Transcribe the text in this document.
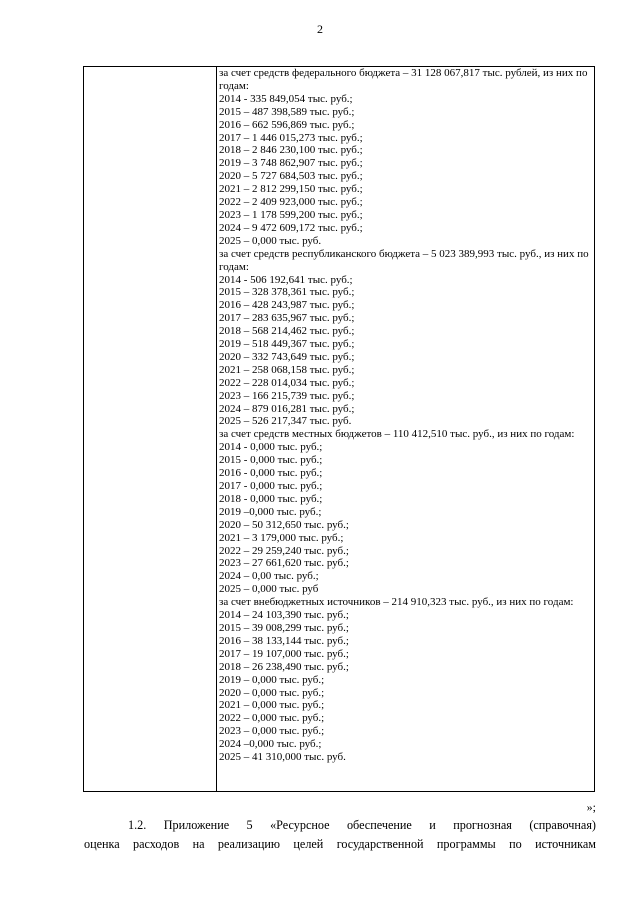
2
за счет средств федерального бюджета – 31 128 067,817 тыс. рублей, из них по годам:
2014 - 335 849,054 тыс. руб.;
2015 – 487 398,589 тыс. руб.;
2016 – 662 596,869 тыс. руб.;
2017 – 1 446 015,273 тыс. руб.;
2018 – 2 846 230,100 тыс. руб.;
2019 – 3 748 862,907 тыс. руб.;
2020 – 5 727 684,503 тыс. руб.;
2021 – 2 812 299,150 тыс. руб.;
2022 – 2 409 923,000 тыс. руб.;
2023 – 1 178 599,200 тыс. руб.;
2024 – 9 472 609,172 тыс. руб.;
2025 – 0,000 тыс. руб.
за счет средств республиканского бюджета – 5 023 389,993 тыс. руб., из них по годам:
2014 - 506 192,641 тыс. руб.;
2015 – 328 378,361 тыс. руб.;
2016 – 428 243,987 тыс. руб.;
2017 – 283 635,967 тыс. руб.;
2018 – 568 214,462 тыс. руб.;
2019 – 518 449,367 тыс. руб.;
2020 – 332 743,649 тыс. руб.;
2021 – 258 068,158 тыс. руб.;
2022 – 228 014,034 тыс. руб.;
2023 – 166 215,739 тыс. руб.;
2024 – 879 016,281 тыс. руб.;
2025 – 526 217,347 тыс. руб.
за счет средств местных бюджетов – 110 412,510 тыс. руб., из них по годам:
2014 - 0,000 тыс. руб.;
2015 - 0,000 тыс. руб.;
2016 - 0,000 тыс. руб.;
2017 - 0,000 тыс. руб.;
2018 - 0,000 тыс. руб.;
2019 –0,000 тыс. руб.;
2020 – 50 312,650 тыс. руб.;
2021 – 3 179,000 тыс. руб.;
2022 – 29 259,240 тыс. руб.;
2023 – 27 661,620 тыс. руб.;
2024 – 0,00 тыс. руб.;
2025 – 0,000 тыс. руб
за счет внебюджетных источников – 214 910,323 тыс. руб., из них по годам:
2014 – 24 103,390 тыс. руб.;
2015 – 39 008,299 тыс. руб.;
2016 – 38 133,144 тыс. руб.;
2017 – 19 107,000 тыс. руб.;
2018 – 26 238,490 тыс. руб.;
2019 – 0,000 тыс. руб.;
2020 – 0,000 тыс. руб.;
2021 – 0,000 тыс. руб.;
2022 – 0,000 тыс. руб.;
2023 – 0,000 тыс. руб.;
2024 –0,000 тыс. руб.;
2025 – 41 310,000 тыс. руб.
»;
1.2. Приложение 5 «Ресурсное обеспечение и прогнозная (справочная)
оценка расходов на реализацию целей государственной программы по источникам
